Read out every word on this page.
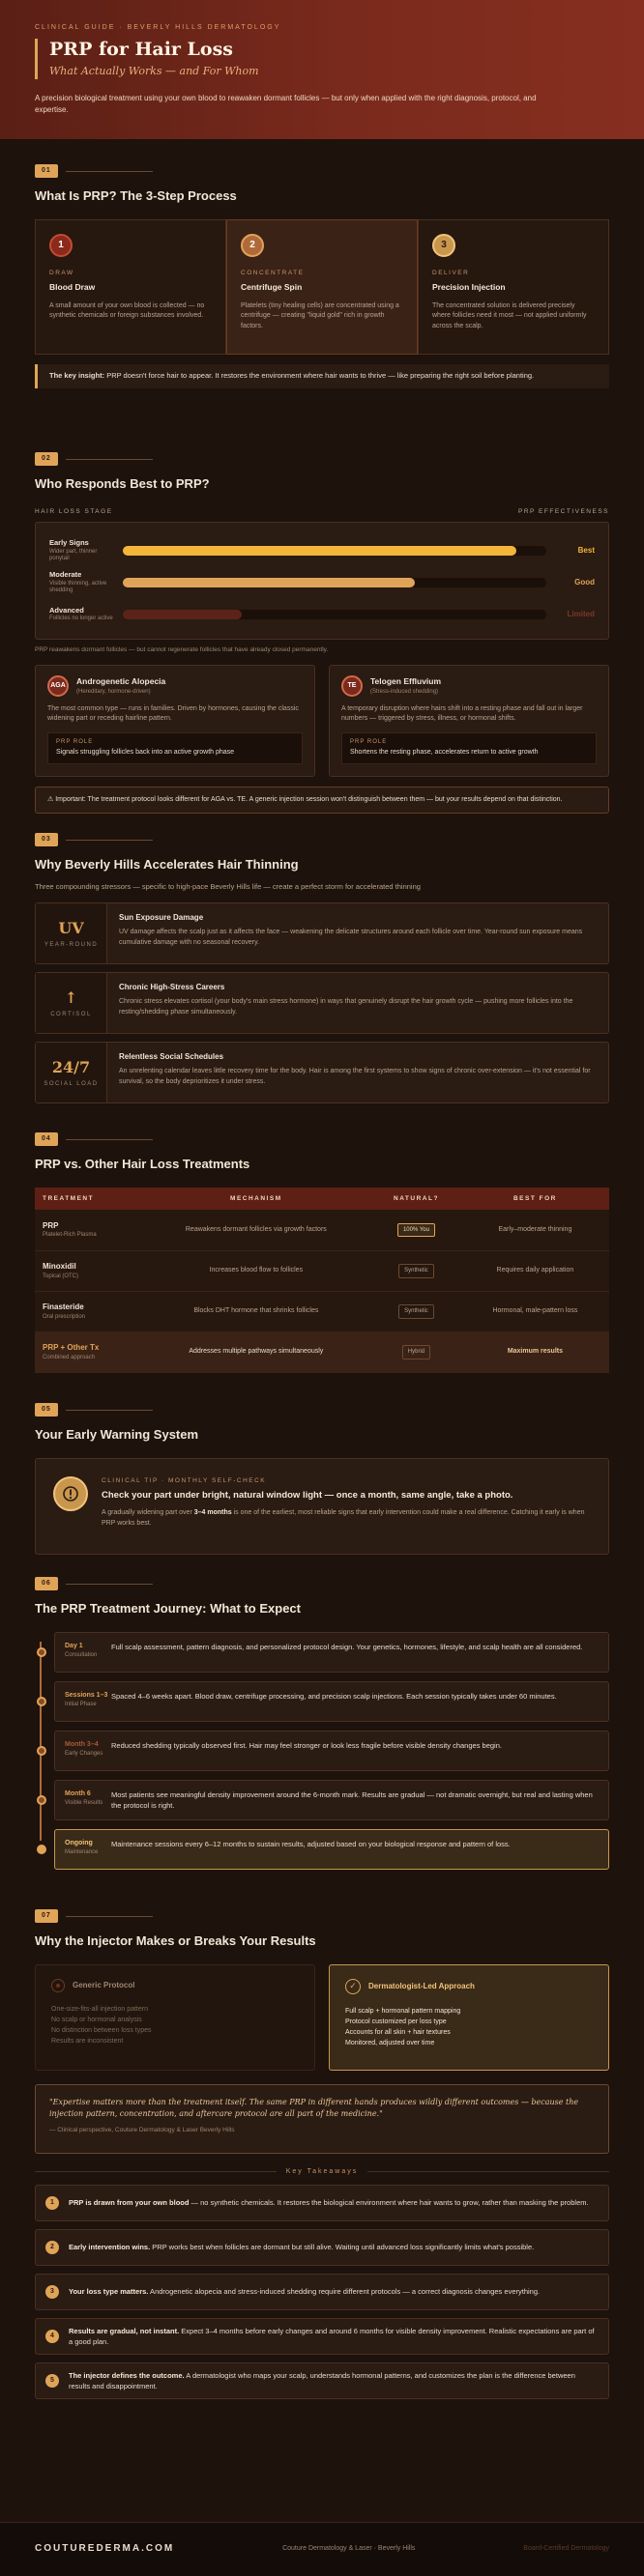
CLINICAL GUIDE · BEVERLY HILLS DERMATOLOGY
PRP for Hair Loss
What Actually Works — and For Whom

A precision biological treatment using your own blood to reawaken dormant follicles — but only when applied with the right diagnosis, protocol, and expertise.

01
What Is PRP? The 3-Step Process
1
DRAW
Blood Draw
A small amount of your own blood is collected — no synthetic chemicals or foreign substances involved.
2
CONCENTRATE
Centrifuge Spin
Platelets (tiny healing cells) are concentrated using a centrifuge — creating "liquid gold" rich in growth factors.
3
DELIVER
Precision Injection
The concentrated solution is delivered precisely where follicles need it most — not applied uniformly across the scalp.
The key insight: PRP doesn't force hair to appear. It restores the environment where hair wants to thrive — like preparing the right soil before planting.
02
Who Responds Best to PRP?
HAIR LOSS STAGE	PRP EFFECTIVENESS
Early Signs
Wider part, thinner ponytail
Best
Moderate
Visible thinning, active shedding
Good
Advanced
Follicles no longer active
Limited
PRP reawakens dormant follicles — but cannot regenerate follicles that have already closed permanently.
AGA	Androgenetic Alopecia
(Hereditary, hormone-driven)
The most common type — runs in families. Driven by hormones, causing the classic widening part or receding hairline pattern.
PRP ROLE
Signals struggling follicles back into an active growth phase
TE	Telogen Effluvium
(Stress-induced shedding)
A temporary disruption where hairs shift into a resting phase and fall out in larger numbers — triggered by stress, illness, or hormonal shifts.
PRP ROLE
Shortens the resting phase, accelerates return to active growth
⚠ Important: The treatment protocol looks different for AGA vs. TE. A generic injection session won't distinguish between them — but your results depend on that distinction.
03
Why Beverly Hills Accelerates Hair Thinning
Three compounding stressors — specific to high-pace Beverly Hills life — create a perfect storm for accelerated thinning
UV
YEAR-ROUND
Sun Exposure Damage

UV damage affects the scalp just as it affects the face — weakening the delicate structures around each follicle over time. Year-round sun exposure means cumulative damage with no seasonal recovery.

↑
CORTISOL
Chronic High-Stress Careers

Chronic stress elevates cortisol (your body's main stress hormone) in ways that genuinely disrupt the hair growth cycle — pushing more follicles into the resting/shedding phase simultaneously.

24/7
SOCIAL LOAD
Relentless Social Schedules

An unrelenting calendar leaves little recovery time for the body. Hair is among the first systems to show signs of chronic over-extension — it's not essential for survival, so the body deprioritizes it under stress.

04
PRP vs. Other Hair Loss Treatments
TREATMENT	MECHANISM	NATURAL?	BEST FOR

PRP
Platelet-Rich Plasma	Reawakens dormant follicles via growth factors	100% You	Early–moderate thinning

Minoxidil
Topical (OTC)	Increases blood flow to follicles	Synthetic	Requires daily application

Finasteride
Oral prescription	Blocks DHT hormone that shrinks follicles	Synthetic	Hormonal, male-pattern loss

PRP + Other Tx
Combined approach	Addresses multiple pathways simultaneously	Hybrid	Maximum results
05
Your Early Warning System
CLINICAL TIP · MONTHLY SELF-CHECK
Check your part under bright, natural window light — once a month, same angle, take a photo.
A gradually widening part over 3–4 months is one of the earliest, most reliable signs that early intervention could make a real difference. Catching it early is when PRP works best.
06
The PRP Treatment Journey: What to Expect
Day 1
Consultation
Full scalp assessment, pattern diagnosis, and personalized protocol design. Your genetics, hormones, lifestyle, and scalp health are all considered.
Sessions 1–3
Initial Phase
Spaced 4–6 weeks apart. Blood draw, centrifuge processing, and precision scalp injections. Each session typically takes under 60 minutes.
Month 3–4
Early Changes
Reduced shedding typically observed first. Hair may feel stronger or look less fragile before visible density changes begin.
Month 6
Visible Results
Most patients see meaningful density improvement around the 6-month mark. Results are gradual — not dramatic overnight, but real and lasting when the protocol is right.
Ongoing
Maintenance
Maintenance sessions every 6–12 months to sustain results, adjusted based on your biological response and pattern of loss.
07
Why the Injector Makes or Breaks Your Results
Generic Protocol
One-size-fits-all injection pattern
No scalp or hormonal analysis
No distinction between loss types
Results are inconsistent
✓	Dermatologist-Led Approach
Full scalp + hormonal pattern mapping
Protocol customized per loss type
Accounts for all skin + hair textures
Monitored, adjusted over time
"Expertise matters more than the treatment itself. The same PRP in different hands produces wildly different outcomes — because the injection pattern, concentration, and aftercare protocol are all part of the medicine."
— Clinical perspective, Couture Dermatology & Laser Beverly Hills
Key Takeaways
1	PRP is drawn from your own blood — no synthetic chemicals. It restores the biological environment where hair wants to grow, rather than masking the problem.

2	Early intervention wins. PRP works best when follicles are dormant but still alive. Waiting until advanced loss significantly limits what's possible.

3	Your loss type matters. Androgenetic alopecia and stress-induced shedding require different protocols — a correct diagnosis changes everything.

4

Results are gradual, not instant. Expect 3–4 months before early changes and around 6 months for visible density improvement. Realistic expectations are part of a good plan.

5

The injector defines the outcome. A dermatologist who maps your scalp, understands hormonal patterns, and customizes the plan is the difference between results and disappointment.

COUTUREDERMA.COM	Couture Dermatology & Laser · Beverly Hills	Board-Certified Dermatology
